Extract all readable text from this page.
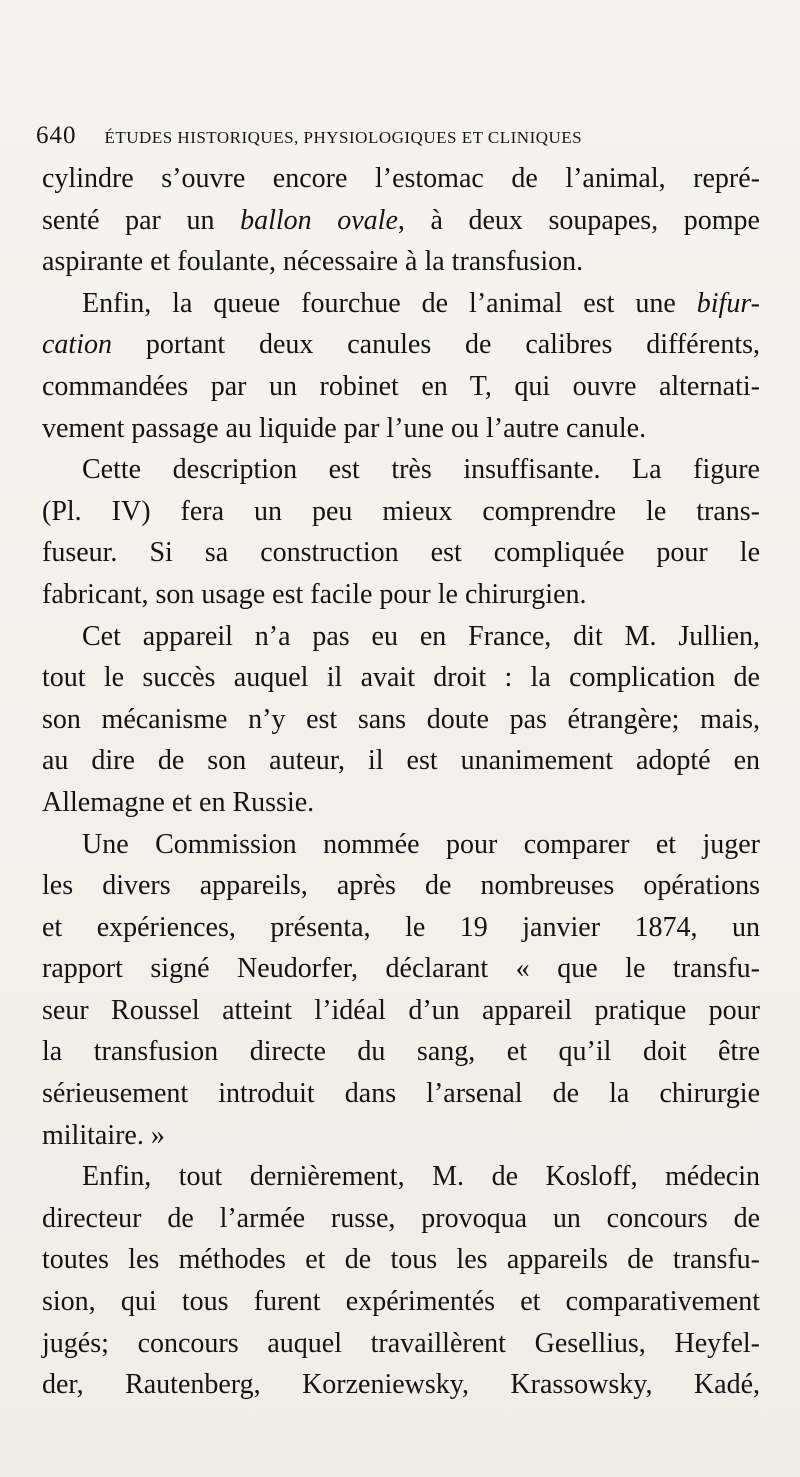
640 ÉTUDES HISTORIQUES, PHYSIOLOGIQUES ET CLINIQUES
cylindre s’ouvre encore l’estomac de l’animal, repré-
senté par un ballon ovale, à deux soupapes, pompe
aspirante et foulante, nécessaire à la transfusion.
Enfin, la queue fourchue de l’animal est une bifur-
cation portant deux canules de calibres différents,
commandées par un robinet en T, qui ouvre alternati-
vement passage au liquide par l’une ou l’autre canule.
Cette description est très insuffisante. La figure
(Pl. IV) fera un peu mieux comprendre le trans-
fuseur. Si sa construction est compliquée pour le
fabricant, son usage est facile pour le chirurgien.
Cet appareil n’a pas eu en France, dit M. Jullien,
tout le succès auquel il avait droit : la complication de
son mécanisme n’y est sans doute pas étrangère; mais,
au dire de son auteur, il est unanimement adopté en
Allemagne et en Russie.
Une Commission nommée pour comparer et juger
les divers appareils, après de nombreuses opérations
et expériences, présenta, le 19 janvier 1874, un
rapport signé Neudorfer, déclarant « que le transfu-
seur Roussel atteint l’idéal d’un appareil pratique pour
la transfusion directe du sang, et qu’il doit être
sérieusement introduit dans l’arsenal de la chirurgie
militaire. »
Enfin, tout dernièrement, M. de Kosloff, médecin
directeur de l’armée russe, provoqua un concours de
toutes les méthodes et de tous les appareils de transfu-
sion, qui tous furent expérimentés et comparativement
jugés; concours auquel travaillèrent Gesellius, Heyfel-
der, Rautenberg, Korzeniewsky, Krassowsky, Kadé,
